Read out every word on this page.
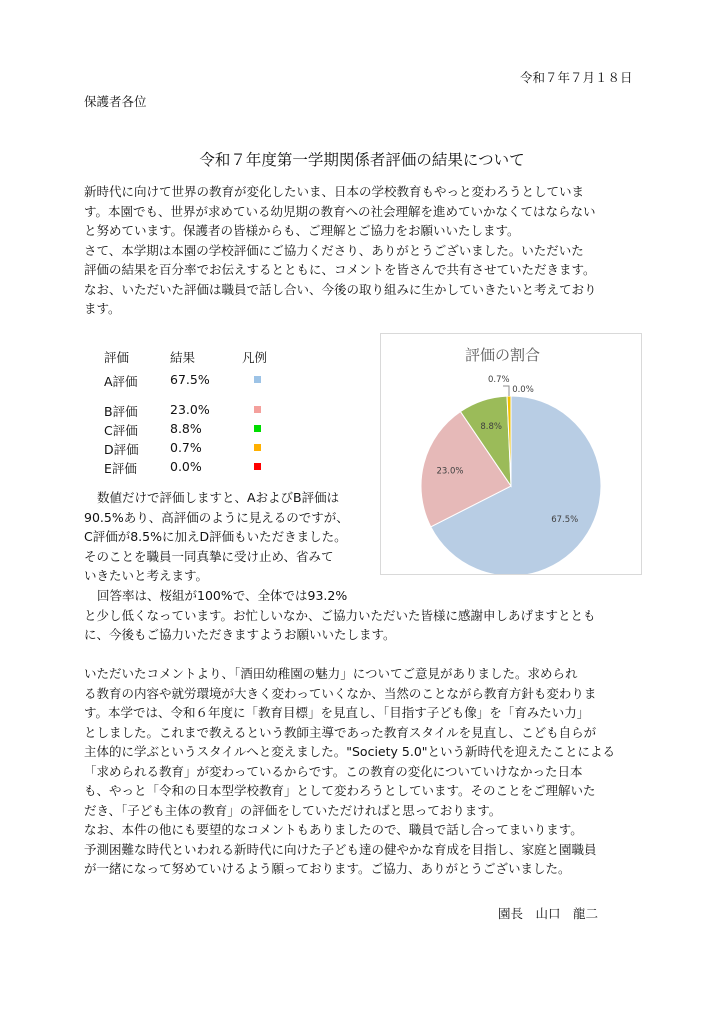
令和７年７月１８日
保護者各位
令和７年度第一学期関係者評価の結果について

新時代に向けて世界の教育が変化したいま、日本の学校教育もやっと変わろうとしていま

す。本園でも、世界が求めている幼児期の教育への社会理解を進めていかなくてはならない

と努めています。保護者の皆様からも、ご理解とご協力をお願いいたします。

さて、本学期は本園の学校評価にご協力くださり、ありがとうございました。いただいた

評価の結果を百分率でお伝えするとともに、コメントを皆さんで共有させていただきます。

なお、いただいた評価は職員で話し合い、今後の取り組みに生かしていきたいと考えており

ます。

評価	結果	凡例
A評価	67.5%
B評価	23.0%
C評価	8.8%
D評価	0.7%
E評価	0.0%
評価の割合
67.5%
23.0%
8.8%
0.7%
0.0%

数値だけで評価しますと、AおよびB評価は

90.5%あり、高評価のように見えるのですが、

C評価が8.5%に加えD評価もいただきました。

そのことを職員一同真摯に受け止め、省みて

いきたいと考えます。

回答率は、桜組が100%で、全体では93.2%

と少し低くなっています。お忙しいなか、ご協力いただいた皆様に感謝申しあげますととも

に、今後もご協力いただきますようお願いいたします。

いただいたコメントより、「酒田幼稚園の魅力」についてご意見がありました。求められ

る教育の内容や就労環境が大きく変わっていくなか、当然のことながら教育方針も変わりま

す。本学では、令和６年度に「教育目標」を見直し、「目指す子ども像」を「育みたい力」

としました。これまで教えるという教師主導であった教育スタイルを見直し、こども自らが

主体的に学ぶというスタイルへと変えました。"Society 5.0"という新時代を迎えたことによる

「求められる教育」が変わっているからです。この教育の変化についていけなかった日本

も、やっと「令和の日本型学校教育」として変わろうとしています。そのことをご理解いた

だき、「子ども主体の教育」の評価をしていただければと思っております。

なお、本件の他にも要望的なコメントもありましたので、職員で話し合ってまいります。

予測困難な時代といわれる新時代に向けた子ども達の健やかな育成を目指し、家庭と園職員

が一緒になって努めていけるよう願っております。ご協力、ありがとうございました。

園長　山口　龍二
